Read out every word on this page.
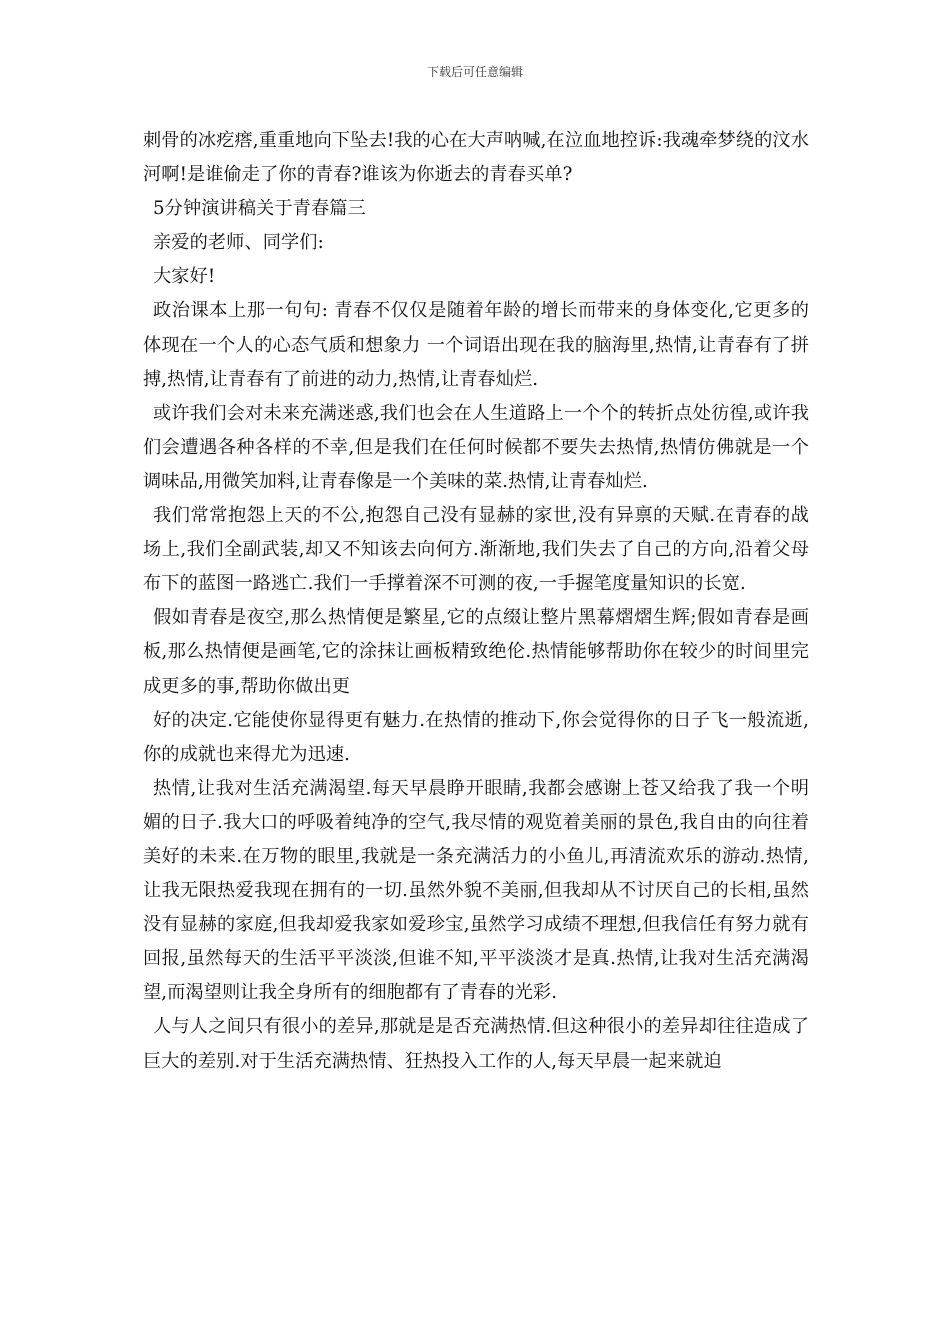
下载后可任意编辑

刺骨的冰疙瘩,重重地向下坠去!我的心在大声呐喊,在泣血地控诉:我魂牵梦绕的汶水河啊!是谁偷走了你的青春?谁该为你逝去的青春买单?

5分钟演讲稿关于青春篇三

亲爱的老师、同学们:

大家好!

政治课本上那一句句: 青春不仅仅是随着年龄的增长而带来的身体变化,它更多的体现在一个人的心态气质和想象力 一个词语出现在我的脑海里,热情,让青春有了拼搏,热情,让青春有了前进的动力,热情,让青春灿烂.

或许我们会对未来充满迷惑,我们也会在人生道路上一个个的转折点处彷徨,或许我们会遭遇各种各样的不幸,但是我们在任何时候都不要失去热情,热情仿佛就是一个调味品,用微笑加料,让青春像是一个美味的菜.热情,让青春灿烂.

我们常常抱怨上天的不公,抱怨自己没有显赫的家世,没有异禀的天赋.在青春的战场上,我们全副武装,却又不知该去向何方.渐渐地,我们失去了自己的方向,沿着父母布下的蓝图一路逃亡.我们一手撑着深不可测的夜,一手握笔度量知识的长宽.

假如青春是夜空,那么热情便是繁星,它的点缀让整片黑幕熠熠生辉;假如青春是画板,那么热情便是画笔,它的涂抹让画板精致绝伦.热情能够帮助你在较少的时间里完成更多的事,帮助你做出更

好的决定.它能使你显得更有魅力.在热情的推动下,你会觉得你的日子飞一般流逝,你的成就也来得尤为迅速.

热情,让我对生活充满渴望.每天早晨睁开眼睛,我都会感谢上苍又给我了我一个明媚的日子.我大口的呼吸着纯净的空气,我尽情的观览着美丽的景色,我自由的向往着美好的未来.在万物的眼里,我就是一条充满活力的小鱼儿,再清流欢乐的游动.热情,让我无限热爱我现在拥有的一切.虽然外貌不美丽,但我却从不讨厌自己的长相,虽然没有显赫的家庭,但我却爱我家如爱珍宝,虽然学习成绩不理想,但我信任有努力就有回报,虽然每天的生活平平淡淡,但谁不知,平平淡淡才是真.热情,让我对生活充满渴望,而渴望则让我全身所有的细胞都有了青春的光彩.

人与人之间只有很小的差异,那就是是否充满热情.但这种很小的差异却往往造成了巨大的差别.对于生活充满热情、狂热投入工作的人,每天早晨一起来就迫
